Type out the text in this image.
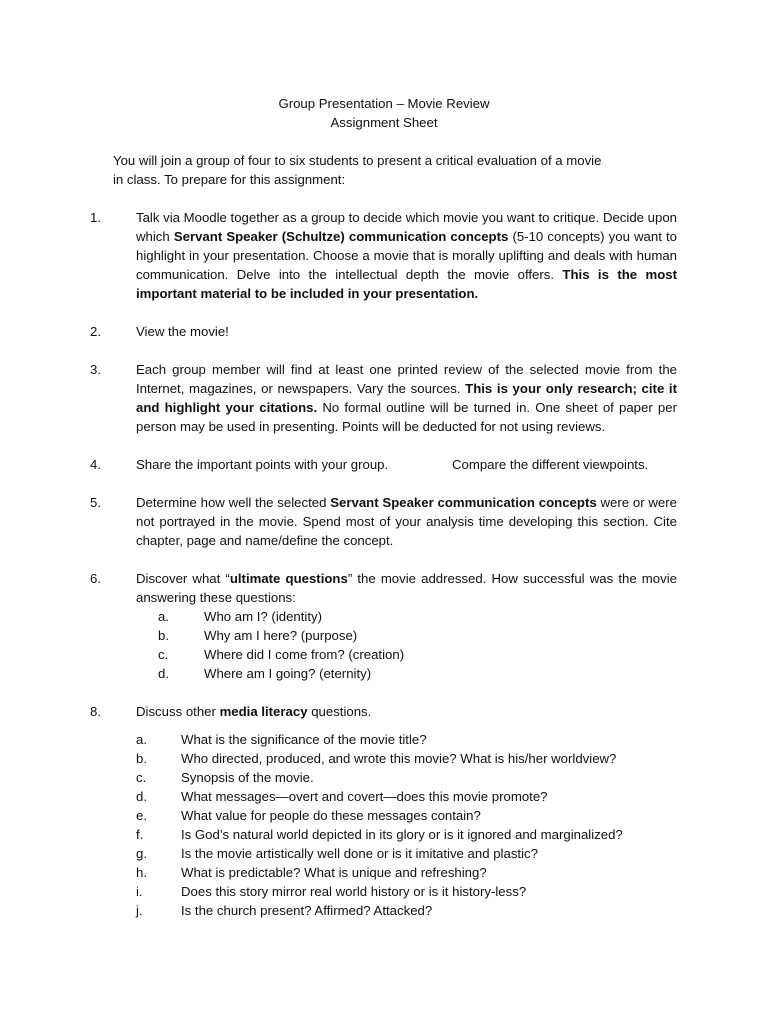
Group Presentation – Movie Review
Assignment Sheet
You will join a group of four to six students to present a critical evaluation of a movie
in class. To prepare for this assignment:
1.	Talk via Moodle together as a group to decide which movie you want to critique. Decide upon which Servant Speaker (Schultze) communication concepts (5-10 concepts) you want to highlight in your presentation. Choose a movie that is morally uplifting and deals with human communication. Delve into the intellectual depth the movie offers. This is the most important material to be included in your presentation.
2.	View the movie!
3.	Each group member will find at least one printed review of the selected movie from the Internet, magazines, or newspapers. Vary the sources. This is your only research; cite it and highlight your citations. No formal outline will be turned in. One sheet of paper per person may be used in presenting. Points will be deducted for not using reviews.
4.	Share the important points with your group.	Compare the different viewpoints.
5.	Determine how well the selected Servant Speaker communication concepts were or were not portrayed in the movie. Spend most of your analysis time developing this section. Cite chapter, page and name/define the concept.
6.	Discover what “ultimate questions” the movie addressed. How successful was the movie answering these questions:
a.	Who am I? (identity)
b.	Why am I here? (purpose)
c.	Where did I come from? (creation)
d.	Where am I going? (eternity)
8.	Discuss other media literacy questions.
a.	What is the significance of the movie title?
b.	Who directed, produced, and wrote this movie? What is his/her worldview?
c.	Synopsis of the movie.
d.	What messages—overt and covert—does this movie promote?
e.	What value for people do these messages contain?
f.	Is God’s natural world depicted in its glory or is it ignored and marginalized?
g.	Is the movie artistically well done or is it imitative and plastic?
h.	What is predictable? What is unique and refreshing?
i.	Does this story mirror real world history or is it history-less?
j.	Is the church present? Affirmed? Attacked?
